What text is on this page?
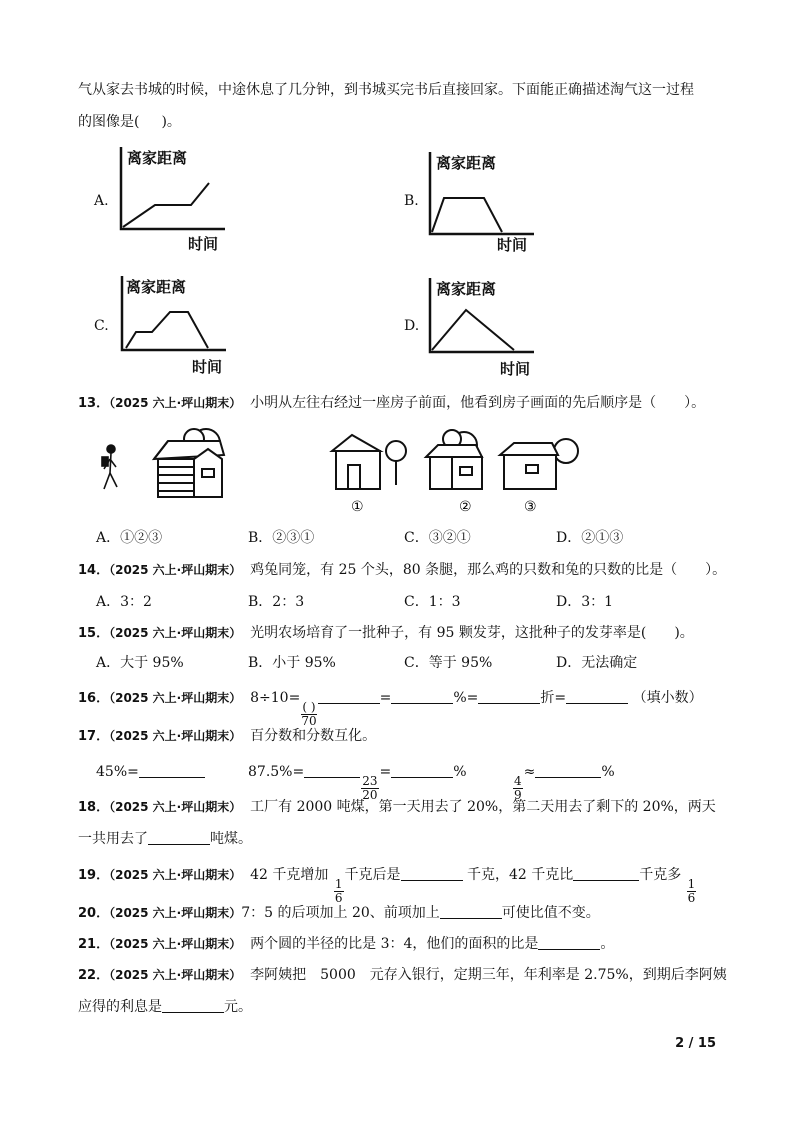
气从家去书城的时候，中途休息了几分钟，到书城买完书后直接回家。下面能正确描述淘气这一过程
的图像是( )。
A.	B.
C.	D.
离家距离
时间
离家距离
时间
离家距离
时间
离家距离
时间
13．（2025 六上·坪山期末） 小明从左往右经过一座房子前面，他看到房子画面的先后顺序是（　　）。
①	②	③
A．①②③	B．②③①	C．③②①	D．②①③
14．（2025 六上·坪山期末） 鸡兔同笼，有 25 个头，80 条腿，那么鸡的只数和兔的只数的比是（　　）。
A．3：2	B．2：3	C．1：3	D．3：1
15．（2025 六上·坪山期末） 光明农场培育了一批种子，有 95 颗发芽，这批种子的发芽率是(　　)。
A．大于 95%	B．小于 95%	C．等于 95%	D．无法确定
16．（2025 六上·坪山期末） 8÷10=
$\frac{( )}{70}$
=	%=	折=	（填小数）
17．（2025 六上·坪山期末） 百分数和分数互化。
45%=	87.5%=
$\frac{23}{20}$
=	%
$\frac{4}{9}$
≈	%
18．（2025 六上·坪山期末） 工厂有 2000 吨煤，第一天用去了 20%，第二天用去了剩下的 20%，两天
一共用去了	吨煤。
19．（2025 六上·坪山期末） 42 千克增加
$\frac{1}{6}$
千克后是	千克，42 千克比	千克多
$\frac{1}{6}$
20．（2025 六上·坪山期末）7：5 的后项加上 20、前项加上	可使比值不变。
21．（2025 六上·坪山期末） 两个圆的半径的比是 3：4，他们的面积的比是	。
22．（2025 六上·坪山期末） 李阿姨把　5000　元存入银行，定期三年，年利率是 2.75%，到期后李阿姨
应得的利息是	元。
2 / 15
